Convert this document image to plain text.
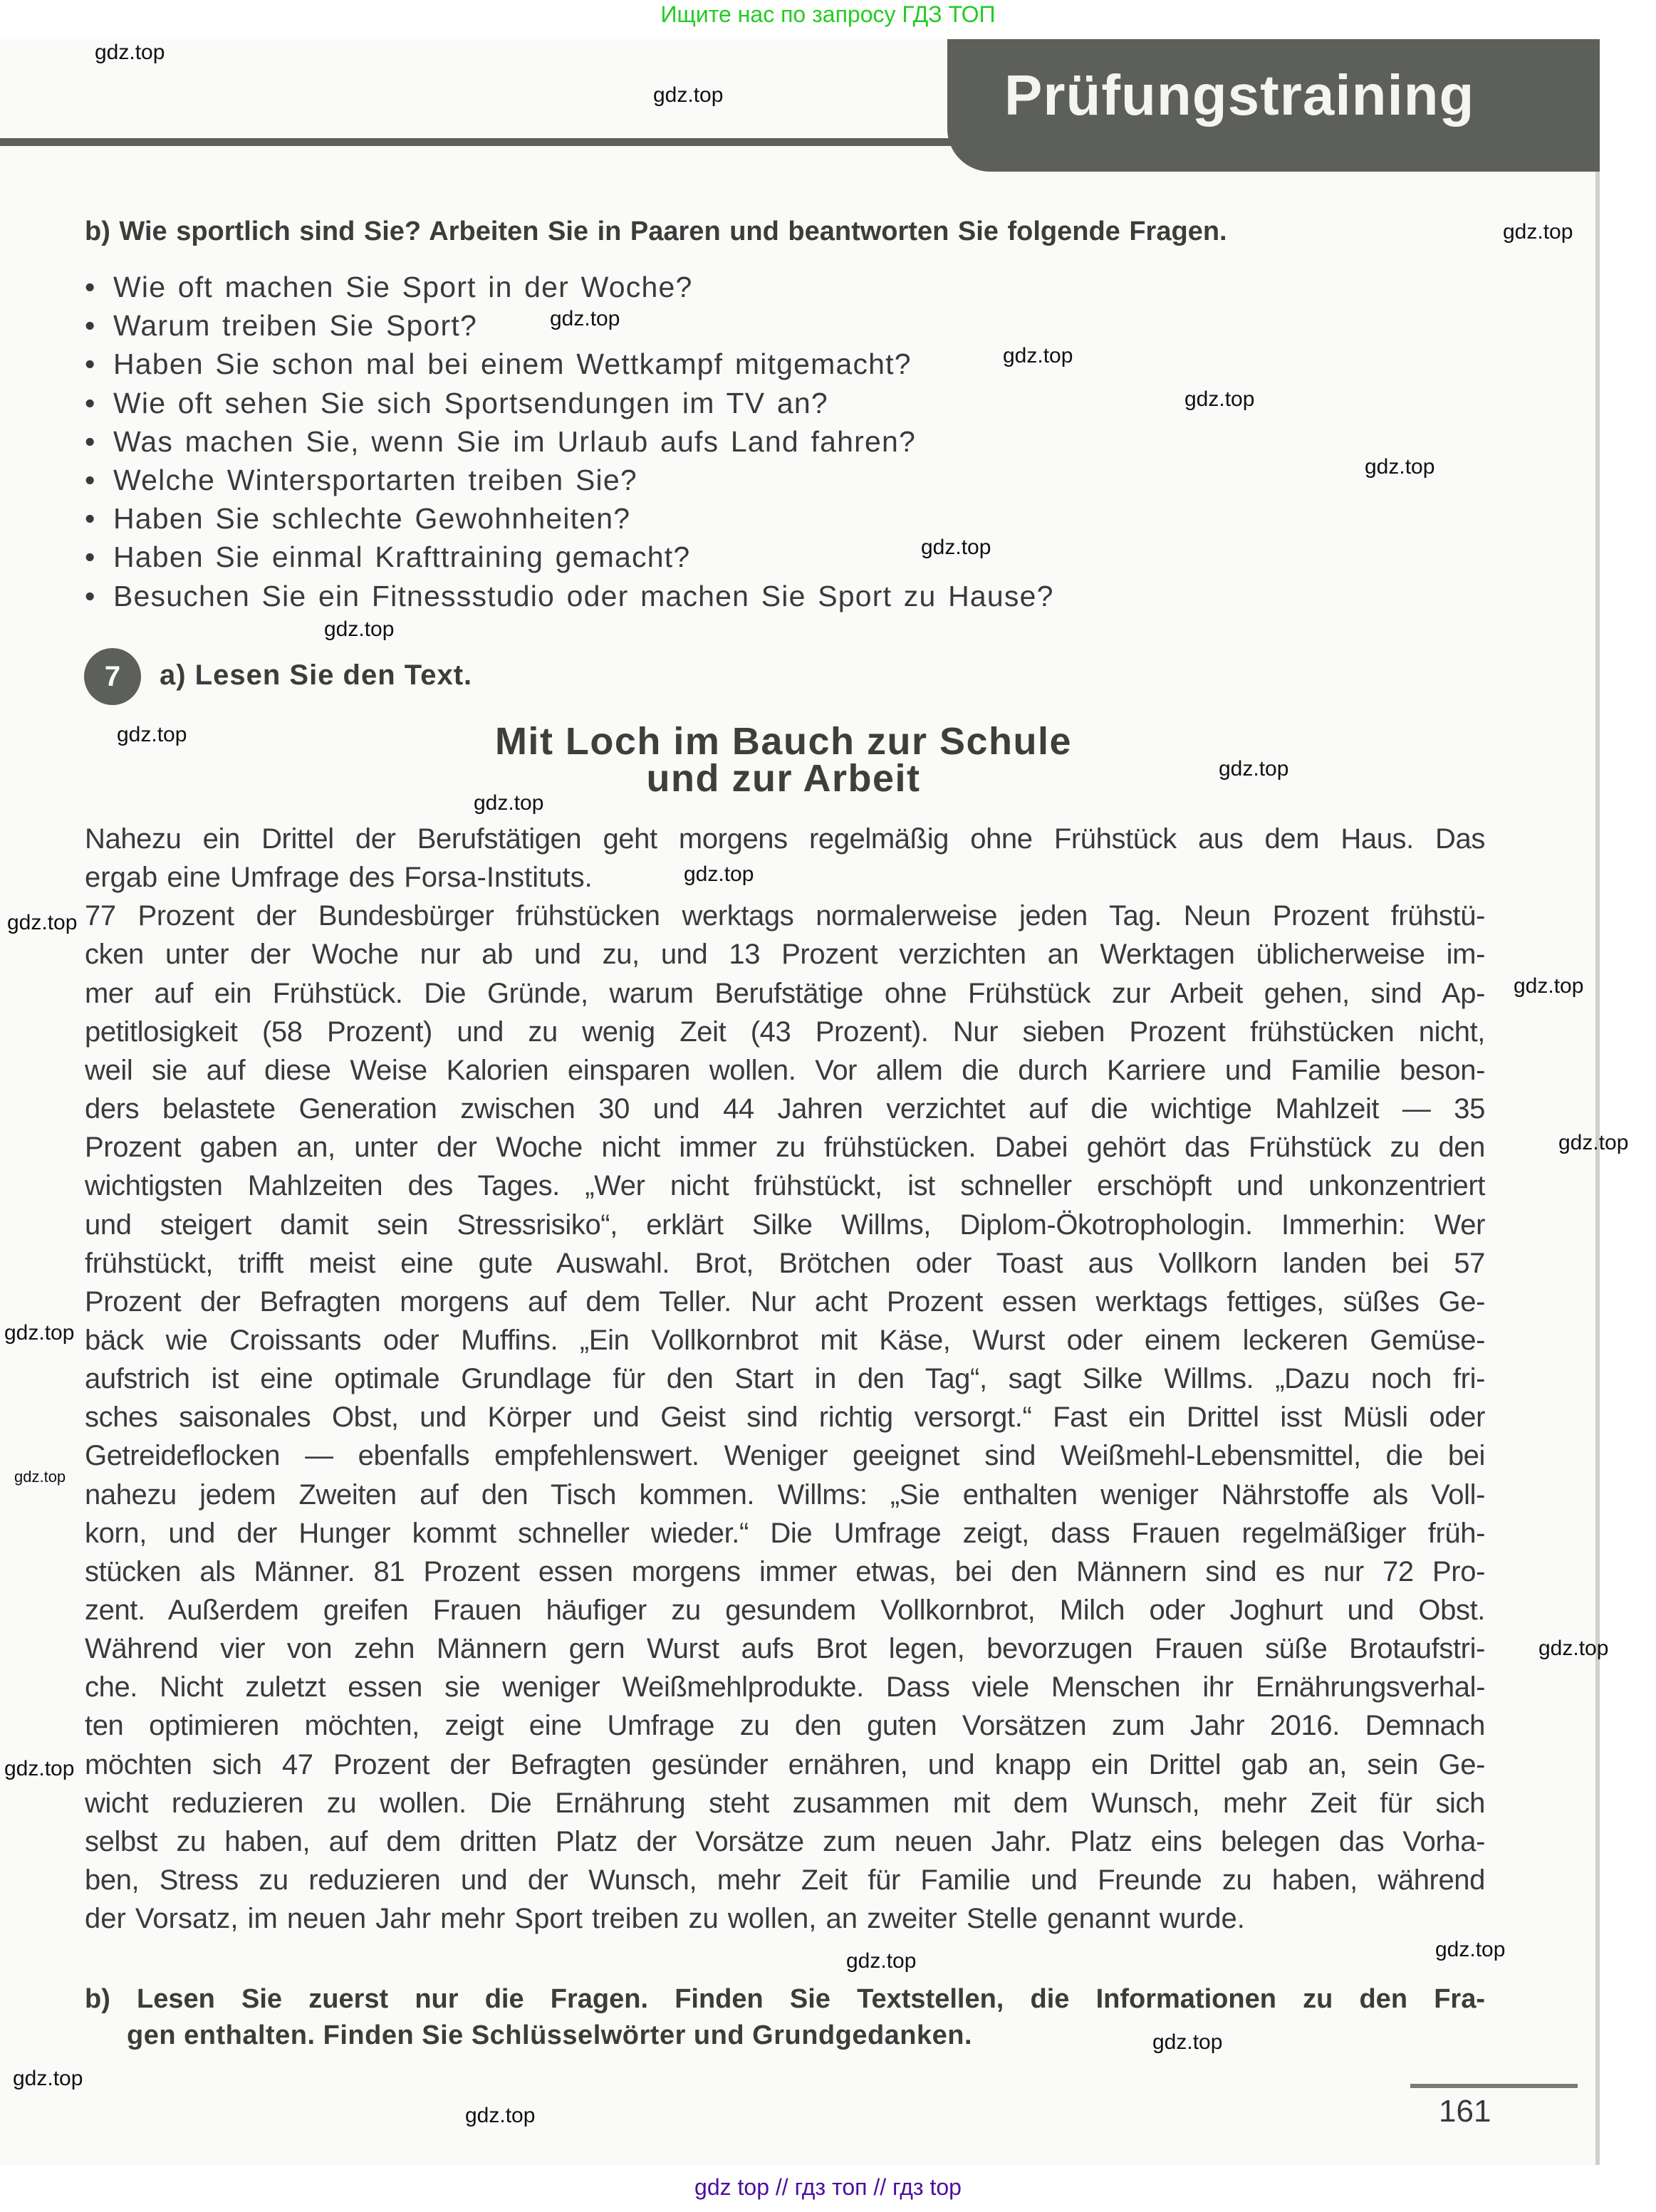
Ищите нас по запросу ГДЗ ТОП
Prüfungstraining
b) Wie sportlich sind Sie? Arbeiten Sie in Paaren und beantworten Sie folgende Fragen.
• Wie oft machen Sie Sport in der Woche?
• Warum treiben Sie Sport?
• Haben Sie schon mal bei einem Wettkampf mitgemacht?
• Wie oft sehen Sie sich Sportsendungen im TV an?
• Was machen Sie, wenn Sie im Urlaub aufs Land fahren?
• Welche Wintersportarten treiben Sie?
• Haben Sie schlechte Gewohnheiten?
• Haben Sie einmal Krafttraining gemacht?
• Besuchen Sie ein Fitnessstudio oder machen Sie Sport zu Hause?
7	a) Lesen Sie den Text.
Mit Loch im Bauch zur Schule
und zur Arbeit
Nahezu ein Drittel der Berufstätigen geht morgens regelmäßig ohne Frühstück aus dem Haus. Das
ergab eine Umfrage des Forsa-Instituts.
77 Prozent der Bundesbürger frühstücken werktags normalerweise jeden Tag. Neun Prozent frühstü-
cken unter der Woche nur ab und zu, und 13 Prozent verzichten an Werktagen üblicherweise im-
mer auf ein Frühstück. Die Gründe, warum Berufstätige ohne Frühstück zur Arbeit gehen, sind Ap-
petitlosigkeit (58 Prozent) und zu wenig Zeit (43 Prozent). Nur sieben Prozent frühstücken nicht,
weil sie auf diese Weise Kalorien einsparen wollen. Vor allem die durch Karriere und Familie beson-
ders belastete Generation zwischen 30 und 44 Jahren verzichtet auf die wichtige Mahlzeit — 35
Prozent gaben an, unter der Woche nicht immer zu frühstücken. Dabei gehört das Frühstück zu den
wichtigsten Mahlzeiten des Tages. „Wer nicht frühstückt, ist schneller erschöpft und unkonzentriert
und steigert damit sein Stressrisiko“, erklärt Silke Willms, Diplom-Ökotrophologin. Immerhin: Wer
frühstückt, trifft meist eine gute Auswahl. Brot, Brötchen oder Toast aus Vollkorn landen bei 57
Prozent der Befragten morgens auf dem Teller. Nur acht Prozent essen werktags fettiges, süßes Ge-
bäck wie Croissants oder Muffins. „Ein Vollkornbrot mit Käse, Wurst oder einem leckeren Gemüse-
aufstrich ist eine optimale Grundlage für den Start in den Tag“, sagt Silke Willms. „Dazu noch fri-
sches saisonales Obst, und Körper und Geist sind richtig versorgt.“ Fast ein Drittel isst Müsli oder
Getreideflocken — ebenfalls empfehlenswert. Weniger geeignet sind Weißmehl-Lebensmittel, die bei
nahezu jedem Zweiten auf den Tisch kommen. Willms: „Sie enthalten weniger Nährstoffe als Voll-
korn, und der Hunger kommt schneller wieder.“ Die Umfrage zeigt, dass Frauen regelmäßiger früh-
stücken als Männer. 81 Prozent essen morgens immer etwas, bei den Männern sind es nur 72 Pro-
zent. Außerdem greifen Frauen häufiger zu gesundem Vollkornbrot, Milch oder Joghurt und Obst.
Während vier von zehn Männern gern Wurst aufs Brot legen, bevorzugen Frauen süße Brotaufstri-
che. Nicht zuletzt essen sie weniger Weißmehlprodukte. Dass viele Menschen ihr Ernährungsverhal-
ten optimieren möchten, zeigt eine Umfrage zu den guten Vorsätzen zum Jahr 2016. Demnach
möchten sich 47 Prozent der Befragten gesünder ernähren, und knapp ein Drittel gab an, sein Ge-
wicht reduzieren zu wollen. Die Ernährung steht zusammen mit dem Wunsch, mehr Zeit für sich
selbst zu haben, auf dem dritten Platz der Vorsätze zum neuen Jahr. Platz eins belegen das Vorha-
ben, Stress zu reduzieren und der Wunsch, mehr Zeit für Familie und Freunde zu haben, während
der Vorsatz, im neuen Jahr mehr Sport treiben zu wollen, an zweiter Stelle genannt wurde.
b) Lesen Sie zuerst nur die Fragen. Finden Sie Textstellen, die Informationen zu den Fra-
gen enthalten. Finden Sie Schlüsselwörter und Grundgedanken.
161
gdz.top
gdz.top
gdz.top
gdz.top
gdz.top
gdz.top
gdz.top
gdz.top
gdz.top
gdz.top
gdz.top
gdz.top
gdz.top
gdz.top
gdz.top
gdz.top
gdz.top
gdz.top
gdz.top
gdz.top
gdz.top
gdz.top
gdz.top
gdz.top
gdz.top
gdz top // гдз топ // гдз top
